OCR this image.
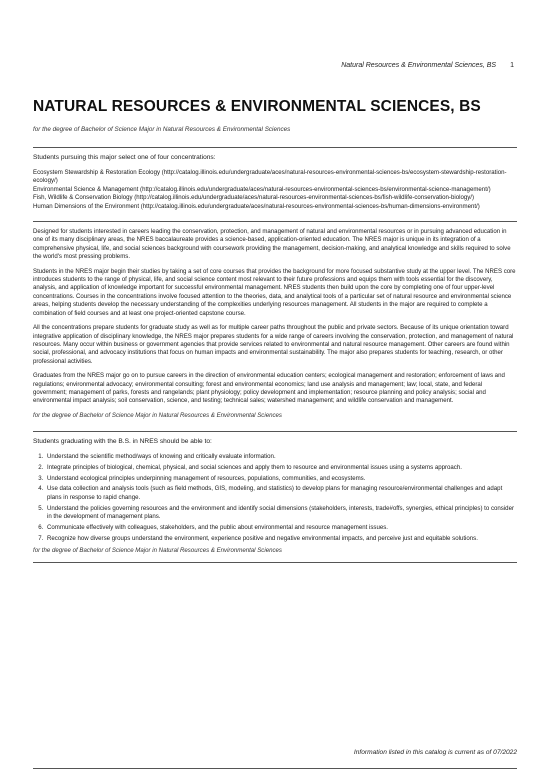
Natural Resources & Environmental Sciences, BS 1
NATURAL RESOURCES & ENVIRONMENTAL SCIENCES, BS
for the degree of Bachelor of Science Major in Natural Resources & Environmental Sciences
Students pursuing this major select one of four concentrations:
Ecosystem Stewardship & Restoration Ecology (http://catalog.illinois.edu/undergraduate/aces/natural-resources-environmental-sciences-bs/ecosystem-stewardship-restoration-ecology/)
Environmental Science & Management (http://catalog.illinois.edu/undergraduate/aces/natural-resources-environmental-sciences-bs/environmental-science-management/)
Fish, Wildlife & Conservation Biology (http://catalog.illinois.edu/undergraduate/aces/natural-resources-environmental-sciences-bs/fish-wildlife-conservation-biology/)
Human Dimensions of the Environment (http://catalog.illinois.edu/undergraduate/aces/natural-resources-environmental-sciences-bs/human-dimensions-environment/)

Designed for students interested in careers leading the conservation, protection, and management of natural and environmental resources or in pursuing advanced education in one of its many disciplinary areas, the NRES baccalaureate provides a science-based, application-oriented education. The NRES major is unique in its integration of a comprehensive physical, life, and social sciences background with coursework providing the management, decision-making, and analytical knowledge and skills required to solve the world's most pressing problems.

Students in the NRES major begin their studies by taking a set of core courses that provides the background for more focused substantive study at the upper level. The NRES core introduces students to the range of physical, life, and social science content most relevant to their future professions and equips them with tools essential for the discovery, analysis, and application of knowledge important for successful environmental management. NRES students then build upon the core by completing one of four upper-level concentrations. Courses in the concentrations involve focused attention to the theories, data, and analytical tools of a particular set of natural resource and environmental science areas, helping students develop the necessary understanding of the complexities underlying resources management. All students in the major are required to complete a combination of field courses and at least one project-oriented capstone course.

All the concentrations prepare students for graduate study as well as for multiple career paths throughout the public and private sectors. Because of its unique orientation toward integrative application of disciplinary knowledge, the NRES major prepares students for a wide range of careers involving the conservation, protection, and management of natural resources. Many occur within business or government agencies that provide services related to environmental and natural resource management. Other careers are found within social, professional, and advocacy institutions that focus on human impacts and environmental sustainability. The major also prepares students for teaching, research, or other professional activities.

Graduates from the NRES major go on to pursue careers in the direction of environmental education centers; ecological management and restoration; enforcement of laws and regulations; environmental advocacy; environmental consulting; forest and environmental economics; land use analysis and management; law; local, state, and federal government; management of parks, forests and rangelands; plant physiology; policy development and implementation; resource planning and policy analysis; social and environmental impact analysis; soil conservation, science, and testing; technical sales; watershed management; and wildlife conservation and management.

for the degree of Bachelor of Science Major in Natural Resources & Environmental Sciences
Students graduating with the B.S. in NRES should be able to:
1. Understand the scientific method/ways of knowing and critically evaluate information.
2. Integrate principles of biological, chemical, physical, and social sciences and apply them to resource and environmental issues using a systems approach.
3. Understand ecological principles underpinning management of resources, populations, communities, and ecosystems.
4. Use data collection and analysis tools (such as field methods, GIS, modeling, and statistics) to develop plans for managing resource/environmental challenges and adapt plans in response to rapid change.
5. Understand the policies governing resources and the environment and identify social dimensions (stakeholders, interests, trade#offs, synergies, ethical principles) to consider in the development of management plans.
6. Communicate effectively with colleagues, stakeholders, and the public about environmental and resource management issues.
7. Recognize how diverse groups understand the environment, experience positive and negative environmental impacts, and perceive just and equitable solutions.
for the degree of Bachelor of Science Major in Natural Resources & Environmental Sciences
Information listed in this catalog is current as of 07/2022
